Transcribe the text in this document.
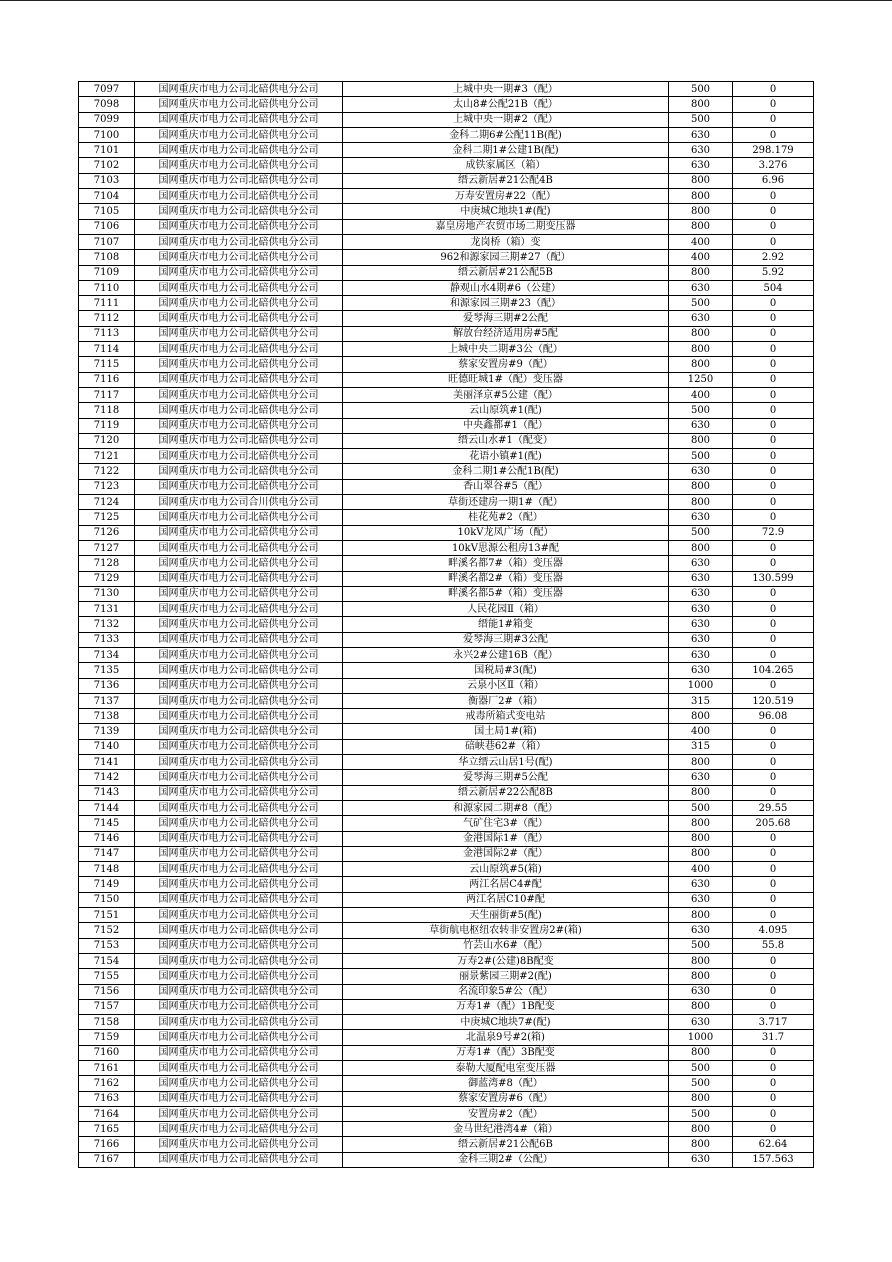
7097	国网重庆市电力公司北碚供电分公司	上城中央一期#3（配）	500	0
7098	国网重庆市电力公司北碚供电分公司	太山8#公配21B（配）	800	0
7099	国网重庆市电力公司北碚供电分公司	上城中央一期#2（配）	500	0
7100	国网重庆市电力公司北碚供电分公司	金科二期6#公配11B(配)	630	0
7101	国网重庆市电力公司北碚供电分公司	金科二期1#公建1B(配)	630	298.179
7102	国网重庆市电力公司北碚供电分公司	成铁家属区（箱）	630	3.276
7103	国网重庆市电力公司北碚供电分公司	缙云新居#21公配4B	800	6.96
7104	国网重庆市电力公司北碚供电分公司	万寿安置房#22（配）	800	0
7105	国网重庆市电力公司北碚供电分公司	中庚城C地块1#(配)	800	0
7106	国网重庆市电力公司北碚供电分公司	嘉皇房地产农贸市场二期变压器	800	0
7107	国网重庆市电力公司北碚供电分公司	龙岗桥（箱）变	400	0
7108	国网重庆市电力公司北碚供电分公司	962和源家园三期#27（配）	400	2.92
7109	国网重庆市电力公司北碚供电分公司	缙云新居#21公配5B	800	5.92
7110	国网重庆市电力公司北碚供电分公司	静观山水4期#6（公建）	630	504
7111	国网重庆市电力公司北碚供电分公司	和源家园三期#23（配）	500	0
7112	国网重庆市电力公司北碚供电分公司	爱琴海三期#2公配	630	0
7113	国网重庆市电力公司北碚供电分公司	解放台经济适用房#5配	800	0
7114	国网重庆市电力公司北碚供电分公司	上城中央二期#3公（配）	800	0
7115	国网重庆市电力公司北碚供电分公司	蔡家安置房#9（配）	800	0
7116	国网重庆市电力公司北碚供电分公司	旺德旺城1#（配）变压器	1250	0
7117	国网重庆市电力公司北碚供电分公司	美丽泽京#5公建（配）	400	0
7118	国网重庆市电力公司北碚供电分公司	云山原筑#1(配)	500	0
7119	国网重庆市电力公司北碚供电分公司	中央鑫都#1（配）	630	0
7120	国网重庆市电力公司北碚供电分公司	缙云山水#1（配变）	800	0
7121	国网重庆市电力公司北碚供电分公司	花语小镇#1(配)	500	0
7122	国网重庆市电力公司北碚供电分公司	金科二期1#公配1B(配)	630	0
7123	国网重庆市电力公司北碚供电分公司	香山翠谷#5（配）	800	0
7124	国网重庆市电力公司合川供电分公司	草街还建房一期1#（配）	800	0
7125	国网重庆市电力公司北碚供电分公司	桂花苑#2（配）	630	0
7126	国网重庆市电力公司北碚供电分公司	10kV龙凤广场（配）	500	72.9
7127	国网重庆市电力公司北碚供电分公司	10kV思源公租房13#配	800	0
7128	国网重庆市电力公司北碚供电分公司	畔溪名都7#（箱）变压器	630	0
7129	国网重庆市电力公司北碚供电分公司	畔溪名都2#（箱）变压器	630	130.599
7130	国网重庆市电力公司北碚供电分公司	畔溪名都5#（箱）变压器	630	0
7131	国网重庆市电力公司北碚供电分公司	人民花园Ⅱ（箱）	630	0
7132	国网重庆市电力公司北碚供电分公司	缙能1#箱变	630	0
7133	国网重庆市电力公司北碚供电分公司	爱琴海三期#3公配	630	0
7134	国网重庆市电力公司北碚供电分公司	永兴2#公建16B（配）	630	0
7135	国网重庆市电力公司北碚供电分公司	国税局#3(配)	630	104.265
7136	国网重庆市电力公司北碚供电分公司	云泉小区Ⅱ（箱）	1000	0
7137	国网重庆市电力公司北碚供电分公司	衡器厂2#（箱）	315	120.519
7138	国网重庆市电力公司北碚供电分公司	戒毒所箱式变电站	800	96.08
7139	国网重庆市电力公司北碚供电分公司	国土局1#(箱)	400	0
7140	国网重庆市电力公司北碚供电分公司	碚峡巷62#（箱）	315	0
7141	国网重庆市电力公司北碚供电分公司	华立缙云山居1号(配)	800	0
7142	国网重庆市电力公司北碚供电分公司	爱琴海三期#5公配	630	0
7143	国网重庆市电力公司北碚供电分公司	缙云新居#22公配8B	800	0
7144	国网重庆市电力公司北碚供电分公司	和源家园二期#8（配）	500	29.55
7145	国网重庆市电力公司北碚供电分公司	气矿住宅3#（配）	800	205.68
7146	国网重庆市电力公司北碚供电分公司	金港国际1#（配）	800	0
7147	国网重庆市电力公司北碚供电分公司	金港国际2#（配）	800	0
7148	国网重庆市电力公司北碚供电分公司	云山原筑#5(箱)	400	0
7149	国网重庆市电力公司北碚供电分公司	两江名居C4#配	630	0
7150	国网重庆市电力公司北碚供电分公司	两江名居C10#配	630	0
7151	国网重庆市电力公司北碚供电分公司	天生丽街#5(配)	800	0
7152	国网重庆市电力公司北碚供电分公司	草街航电枢纽农转非安置房2#(箱)	630	4.095
7153	国网重庆市电力公司北碚供电分公司	竹芸山水6#（配）	500	55.8
7154	国网重庆市电力公司北碚供电分公司	万寿2#(公建)8B配变	800	0
7155	国网重庆市电力公司北碚供电分公司	丽景紫园三期#2(配)	800	0
7156	国网重庆市电力公司北碚供电分公司	名流印象5#公（配）	630	0
7157	国网重庆市电力公司北碚供电分公司	万寿1#（配）1B配变	800	0
7158	国网重庆市电力公司北碚供电分公司	中庚城C地块7#(配)	630	3.717
7159	国网重庆市电力公司北碚供电分公司	北温泉9号#2(箱)	1000	31.7
7160	国网重庆市电力公司北碚供电分公司	万寿1#（配）3B配变	800	0
7161	国网重庆市电力公司北碚供电分公司	泰勒大厦配电室变压器	500	0
7162	国网重庆市电力公司北碚供电分公司	御蓝湾#8（配）	500	0
7163	国网重庆市电力公司北碚供电分公司	蔡家安置房#6（配）	800	0
7164	国网重庆市电力公司北碚供电分公司	安置房#2（配）	500	0
7165	国网重庆市电力公司北碚供电分公司	金马世纪港湾4#（箱）	800	0
7166	国网重庆市电力公司北碚供电分公司	缙云新居#21公配6B	800	62.64
7167	国网重庆市电力公司北碚供电分公司	金科三期2#（公配）	630	157.563
